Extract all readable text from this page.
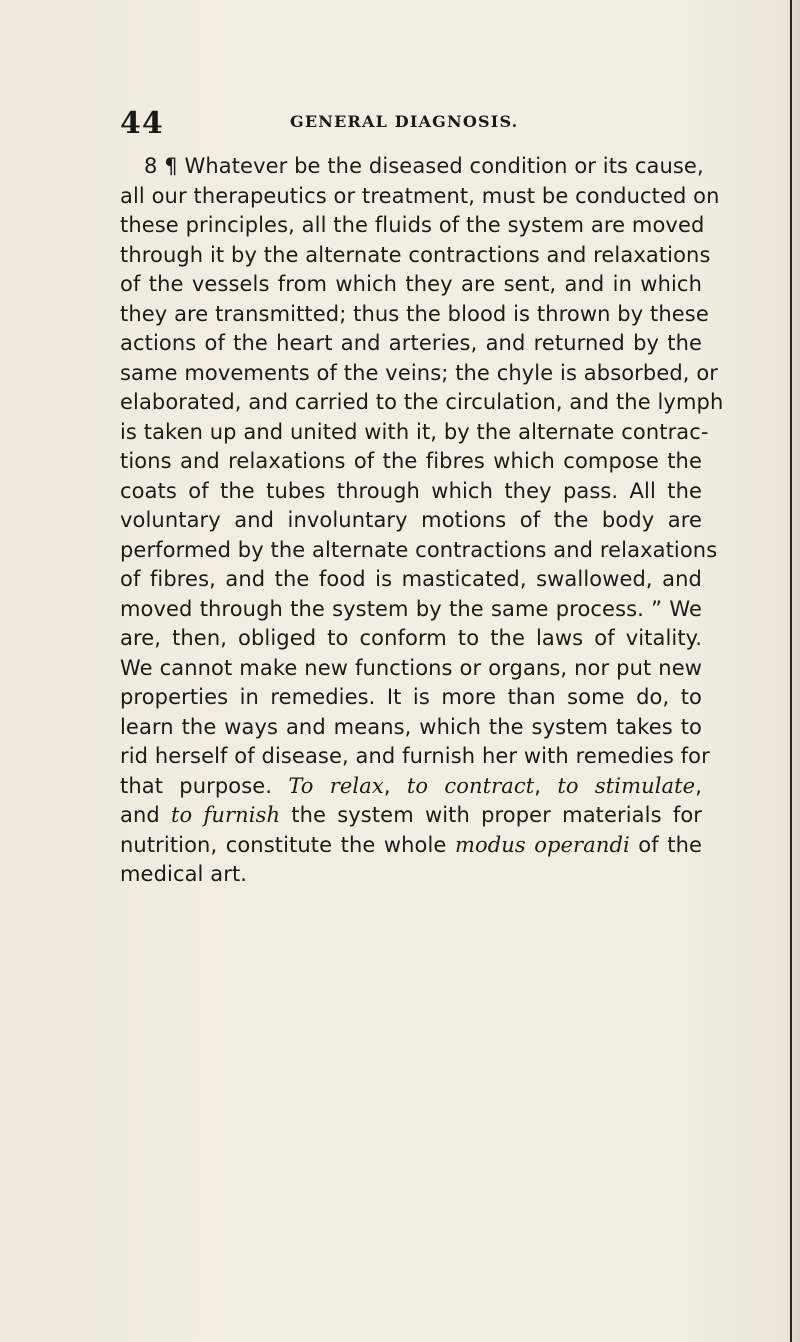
44	GENERAL DIAGNOSIS.
8 ¶ Whatever be the diseased condition or its cause,
all our therapeutics or treatment, must be conducted on
these principles, all the fluids of the system are moved
through it by the alternate contractions and relaxations
of the vessels from which they are sent, and in which
they are transmitted; thus the blood is thrown by these
actions of the heart and arteries, and returned by the
same movements of the veins; the chyle is absorbed, or
elaborated, and carried to the circulation, and the lymph
is taken up and united with it, by the alternate contrac-
tions and relaxations of the fibres which compose the
coats of the tubes through which they pass. All the
voluntary and involuntary motions of the body are
performed by the alternate contractions and relaxations
of fibres, and the food is masticated, swallowed, and
moved through the system by the same process. ” We
are, then, obliged to conform to the laws of vitality.
We cannot make new functions or organs, nor put new
properties in remedies. It is more than some do, to
learn the ways and means, which the system takes to
rid herself of disease, and furnish her with remedies for
that purpose. To relax, to contract, to stimulate,
and to furnish the system with proper materials for
nutrition, constitute the whole modus operandi of the
medical art.
